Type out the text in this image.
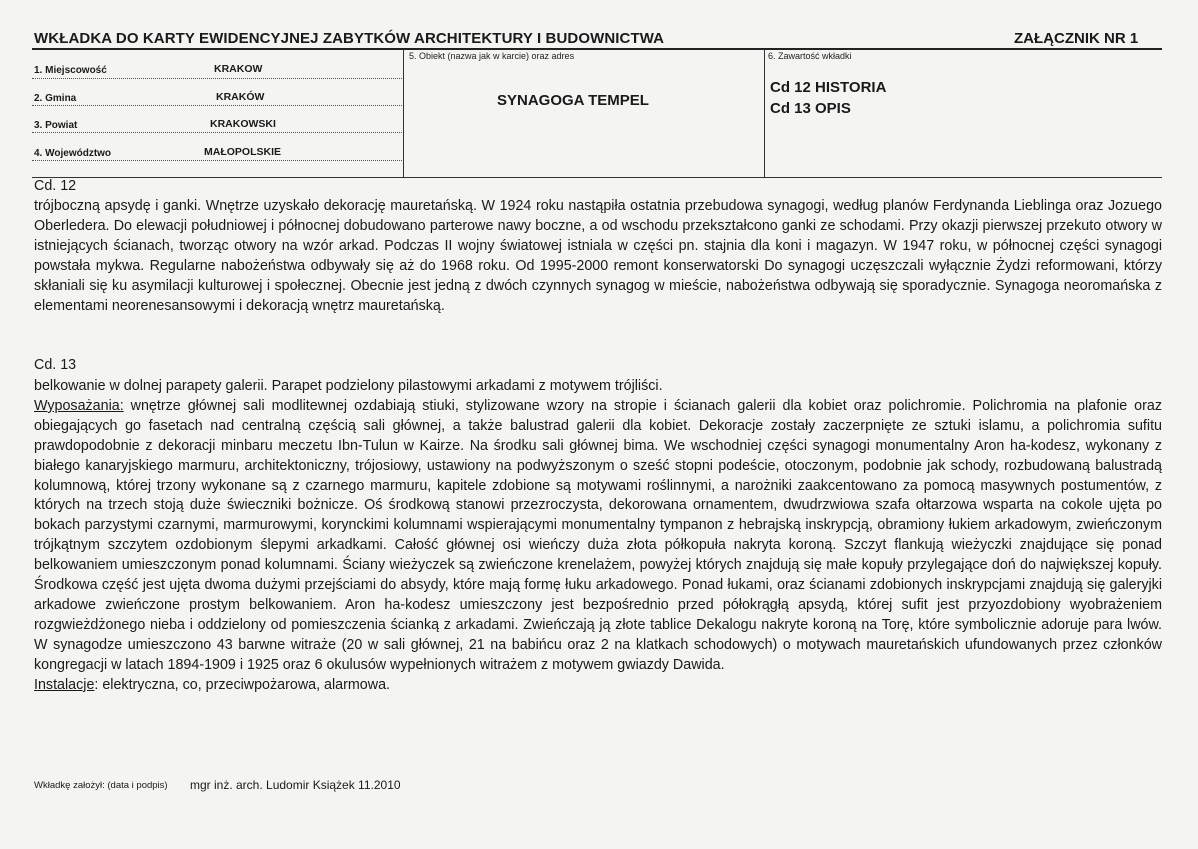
WKŁADKA DO KARTY EWIDENCYJNEJ ZABYTKÓW ARCHITEKTURY I BUDOWNICTWA	ZAŁĄCZNIK NR 1
1. Miejscowość	KRAKOW
2. Gmina	KRAKÓW
3. Powiat	KRAKOWSKI
4. Województwo	MAŁOPOLSKIE
5. Obiekt (nazwa jak w karcie) oraz adres
SYNAGOGA TEMPEL
6. Zawartość wkładki
Cd 12 HISTORIA
Cd 13 OPIS
Cd. 12
trójboczną apsydę i ganki. Wnętrze uzyskało dekorację mauretańską. W 1924 roku nastąpiła ostatnia przebudowa synagogi, według planów Ferdynanda Lieblinga oraz Jozuego Oberledera. Do elewacji południowej i północnej dobudowano parterowe nawy boczne, a od wschodu przekształcono ganki ze schodami. Przy okazji pierwszej przekuto otwory w istniejących ścianach, tworząc otwory na wzór arkad. Podczas II wojny światowej istniala w części pn. stajnia dla koni i magazyn. W 1947 roku, w północnej części synagogi powstała mykwa. Regularne nabożeństwa odbywały się aż do 1968 roku. Od 1995-2000 remont konserwatorski Do synagogi uczęszczali wyłącznie Żydzi reformowani, którzy skłaniali się ku asymilacji kulturowej i społecznej. Obecnie jest jedną z dwóch czynnych synagog w mieście, nabożeństwa odbywają się sporadycznie. Synagoga neoromańska z elementami neorenesansowymi i dekoracją wnętrz mauretańską.
Cd. 13
belkowanie w dolnej parapety galerii. Parapet podzielony pilastowymi arkadami z motywem trójliści.
Wyposażania: wnętrze głównej sali modlitewnej ozdabiają stiuki, stylizowane wzory na stropie i ścianach galerii dla kobiet oraz polichromie. Polichromia na plafonie oraz obiegających go fasetach nad centralną częścią sali głównej, a także balustrad galerii dla kobiet. Dekoracje zostały zaczerpnięte ze sztuki islamu, a polichromia sufitu prawdopodobnie z dekoracji minbaru meczetu Ibn-Tulun w Kairze. Na środku sali głównej bima. We wschodniej części synagogi monumentalny Aron ha-kodesz, wykonany z białego kanaryjskiego marmuru, architektoniczny, trójosiowy, ustawiony na podwyższonym o sześć stopni podeście, otoczonym, podobnie jak schody, rozbudowaną balustradą kolumnową, której trzony wykonane są z czarnego marmuru, kapitele zdobione są motywami roślinnymi, a narożniki zaakcentowano za pomocą masywnych postumentów, z których na trzech stoją duże świeczniki bożnicze. Oś środkową stanowi przezroczysta, dekorowana ornamentem, dwudrzwiowa szafa ołtarzowa wsparta na cokole ujęta po bokach parzystymi czarnymi, marmurowymi, korynckimi kolumnami wspierającymi monumentalny tympanon z hebrajską inskrypcją, obramiony łukiem arkadowym, zwieńczonym trójkątnym szczytem ozdobionym ślepymi arkadkami. Całość głównej osi wieńczy duża złota półkopuła nakryta koroną. Szczyt flankują wieżyczki znajdujące się ponad belkowaniem umieszczonym ponad kolumnami. Ściany wieżyczek są zwieńczone krenelażem, powyżej których znajdują się małe kopuły przylegające doń do największej kopuły. Środkowa część jest ujęta dwoma dużymi przejściami do absydy, które mają formę łuku arkadowego. Ponad łukami, oraz ścianami zdobionych inskrypcjami znajdują się galeryjki arkadowe zwieńczone prostym belkowaniem. Aron ha-kodesz umieszczony jest bezpośrednio przed półokrągłą apsydą, której sufit jest przyozdobiony wyobrażeniem rozgwieżdżonego nieba i oddzielony od pomieszczenia ścianką z arkadami. Zwieńczają ją złote tablice Dekalogu nakryte koroną na Torę, które symbolicznie adoruje para lwów. W synagodze umieszczono 43 barwne witraże (20 w sali głównej, 21 na babińcu oraz 2 na klatkach schodowych) o motywach mauretańskich ufundowanych przez członków kongregacji w latach 1894-1909 i 1925 oraz 6 okulusów wypełnionych witrażem z motywem gwiazdy Dawida.
Instalacje: elektryczna, co, przeciwpożarowa, alarmowa.
Wkładkę założył: (data i podpis) mgr inż. arch. Ludomir Książek 11.2010
